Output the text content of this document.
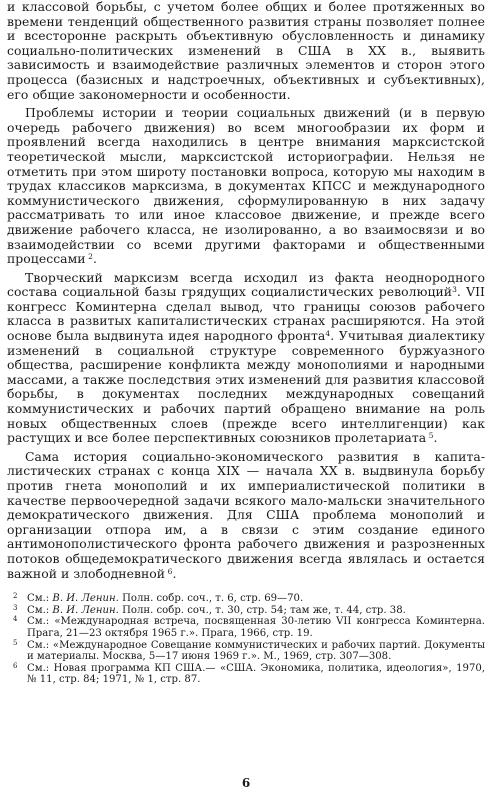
и классовой борьбы, с учетом более общих и более протяженных во времени тенденций общественного развития страны позволяет полнее и всесторонне раскрыть объективную обусловленность и динамику социально-политических изменений в США в XX в., выявить зависимость и взаимодействие различных элементов и сторон этого процесса (базисных и надстроечных, объективных и субъективных), его общие закономерности и особенности.

Проблемы истории и теории социальных движений (и в первую очередь рабочего движения) во всем многообразии их форм и проявлений всегда находились в центре внимания марксистской теоретической мысли, марксистской историографии. Нельзя не отметить при этом широту постановки вопроса, которую мы находим в трудах классиков марксизма, в документах КПСС и международного коммунистического движения, сформулированную в них задачу рассматривать то или иное классовое движение, и прежде всего движение рабочего класса, не изолированно, а во взаимосвязи и во взаимодействии со всеми другими факторами и общественными процессами  $^2$.

Творческий марксизм всегда исходил из факта неоднородного состава социальной базы грядущих социалистических революций$^3$. VII конгресс Коминтерна сделал вывод, что границы союзов рабочего класса в развитых капиталистических странах расширяются. На этой основе была выдвинута идея народного фронта$^4$. Учитывая диалектику изменений в социальной структуре современного буржуазного общества, расширение конфликта между монополиями и народными массами, а также последствия этих изменений для развития классовой борьбы, в документах последних международных совещаний коммунистических и рабочих партий обращено внимание на роль новых общественных слоев (прежде всего интеллигенции) как растущих и все более перспективных союзников пролетариата  $^5$.

Сама история социально-экономического развития в капиталистических странах с конца XIX — начала XX в. выдвинула борьбу против гнета монополий и их империалистической политики в качестве первоочередной задачи всякого мало-мальски значительного демократического движения. Для США проблема монополий и организации отпора им, а в связи с этим создание единого антимонополистического фронта рабочего движения и разрозненных потоков общедемократического движения всегда являлась и остается важной и злободневной  $^6$.

2 См.: В. И. Ленин. Полн. собр. соч., т. 6, стр. 69—70.

3 См.: В. И. Ленин. Полн. собр. соч., т. 30, стр. 54; там же, т. 44, стр. 38.

4 См.: «Международная встреча, посвященная 30-летию VII конгресса Коминтерна. Прага, 21—23 октября 1965 г.». Прага, 1966, стр. 19.

5 См.: «Международное Совещание коммунистических и рабочих партий. Документы и материалы. Москва, 5—17 июня 1969 г.». М., 1969, стр. 307—308.

6 См.: Новая программа КП США.— «США. Экономика, политика, идеология», 1970, № 11, стр. 84; 1971, № 1, стр. 87.

6
